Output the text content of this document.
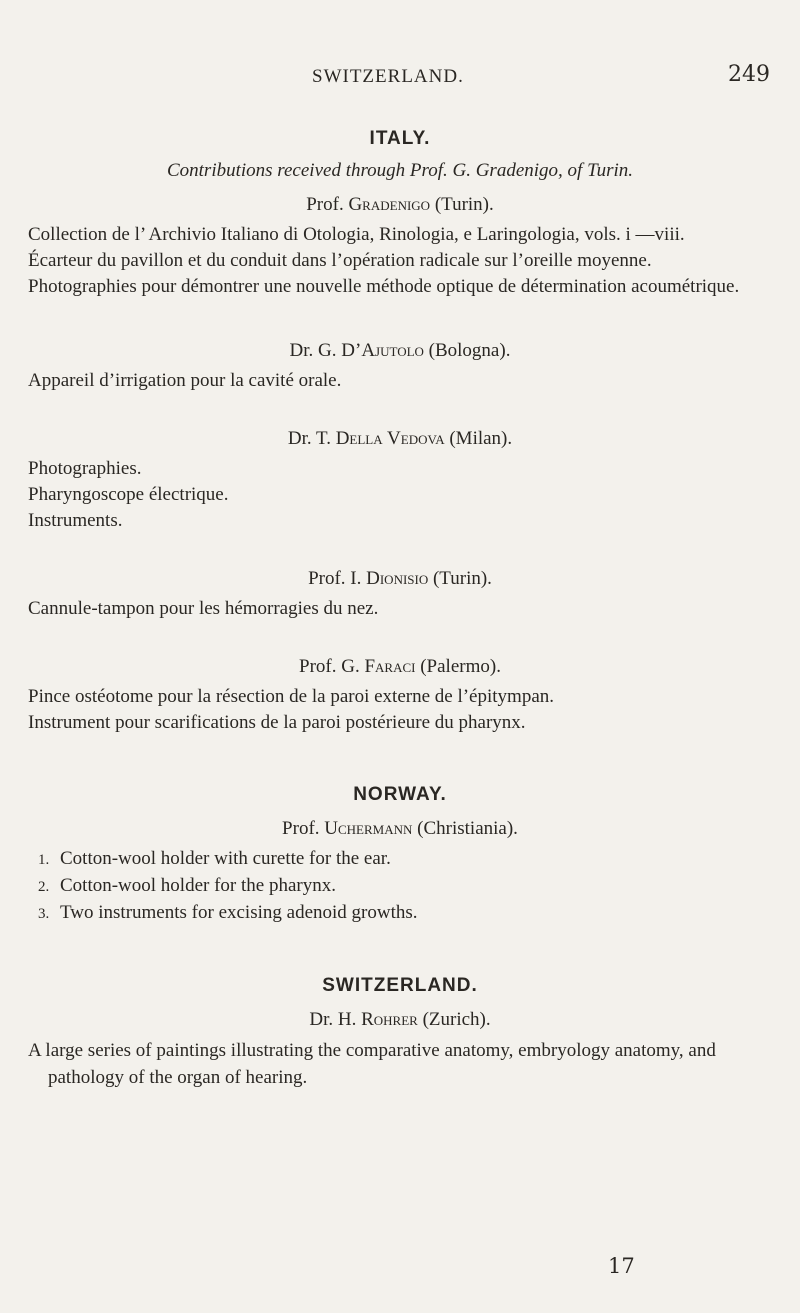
SWITZERLAND.	249
ITALY.

Contributions received through Prof. G. Gradenigo, of Turin.

Prof. Gradenigo (Turin).

Collection de l’ Archivio Italiano di Otologia, Rinologia, e Laringologia, vols. i —viii.

Écarteur du pavillon et du conduit dans l’opération radicale sur l’oreille moyenne.

Photographies pour démontrer une nouvelle méthode optique de détermination acoumétrique.

Dr. G. D’Ajutolo (Bologna).

Appareil d’irrigation pour la cavité orale.

Dr. T. Della Vedova (Milan).

Photographies.

Pharyngoscope électrique.

Instruments.

Prof. I. Dionisio (Turin).

Cannule-tampon pour les hémorragies du nez.

Prof. G. Faraci (Palermo).

Pince ostéotome pour la résection de la paroi externe de l’épitympan.

Instrument pour scarifications de la paroi postérieure du pharynx.

NORWAY.

Prof. Uchermann (Christiania).

1. Cotton-wool holder with curette for the ear.

2. Cotton-wool holder for the pharynx.

3. Two instruments for excising adenoid growths.

SWITZERLAND.

Dr. H. Rohrer (Zurich).

A large series of paintings illustrating the comparative anatomy, embryology anatomy, and pathology of the organ of hearing.

17
